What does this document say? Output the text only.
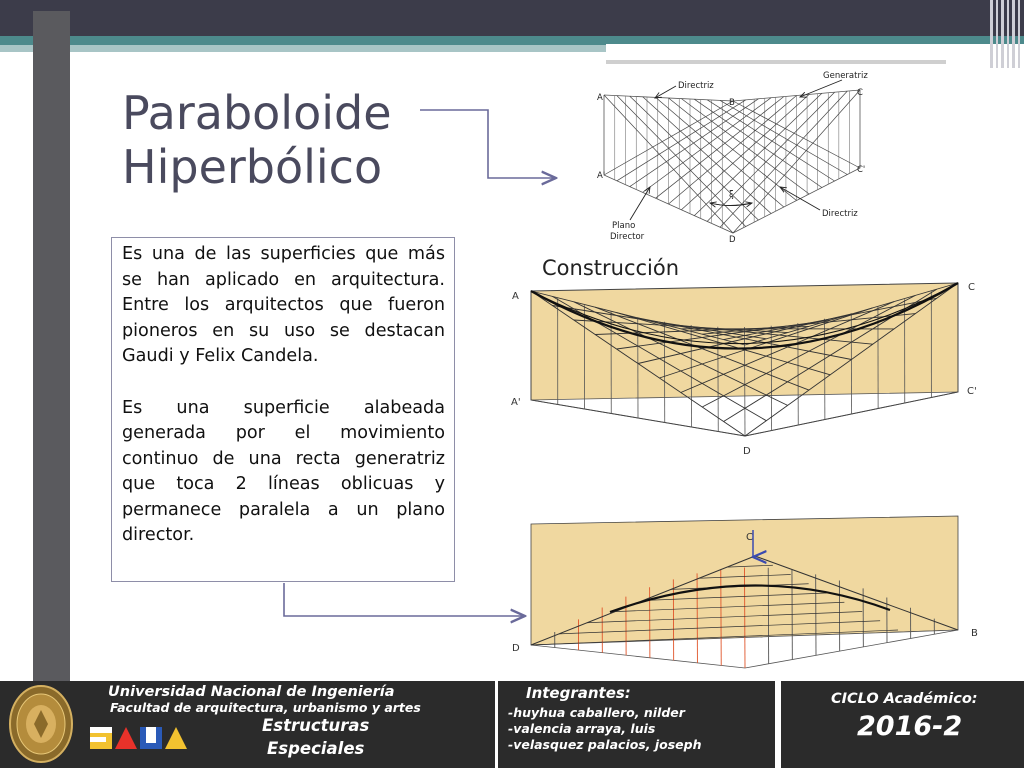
Paraboloide
Hiperbólico

Es una de las superficies que más se han aplicado en arquitectura. Entre los arquitectos que fueron pioneros en su uso se destacan Gaudi y Felix Candela.

Es una superficie alabeada generada por el movimiento continuo de una recta generatriz que toca 2 líneas oblicuas y permanece paralela a un plano director.

Construcción
A	B
C
A'
C'
D
Directriz
Generatriz
Directriz
Plano
Director
ξ
A
C
A'
C'
D
C
D
B
Universidad Nacional de Ingeniería
Facultad de arquitectura, urbanismo y artes
Estructuras
Especiales
Integrantes:
-huyhua caballero, nilder
-valencia arraya, luis
-velasquez palacios, joseph
CICLO Académico:
2016-2
